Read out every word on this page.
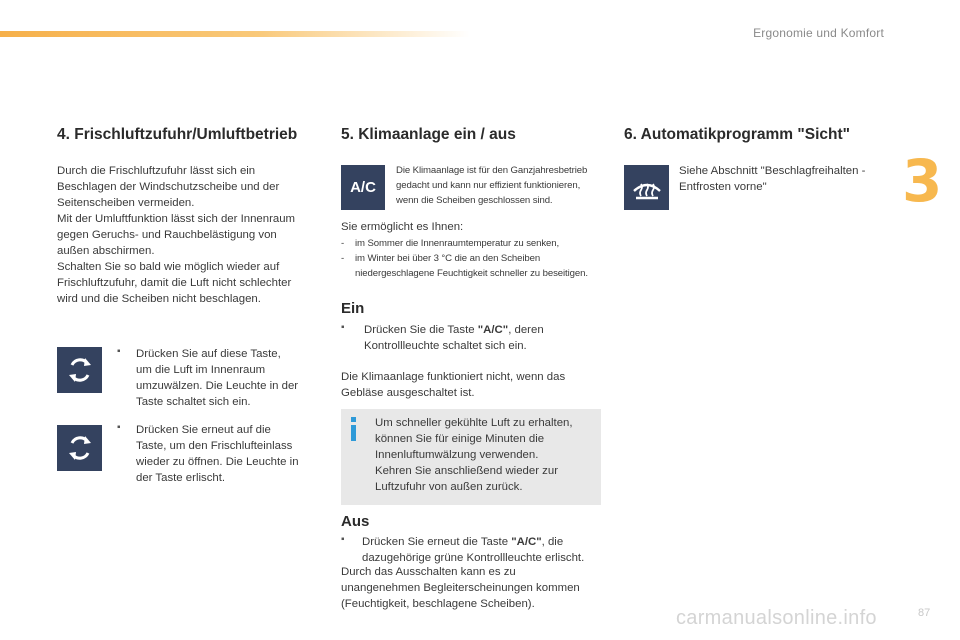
Ergonomie und Komfort
3
4. Frischluftzufuhr/Umluftbetrieb
Durch die Frischluftzufuhr lässt sich ein
Beschlagen der Windschutzscheibe und der
Seitenscheiben vermeiden.
Mit der Umluftfunktion lässt sich der Innenraum
gegen Geruchs- und Rauchbelästigung von
außen abschirmen.
Schalten Sie so bald wie möglich wieder auf
Frischluftzufuhr, damit die Luft nicht schlechter
wird und die Scheiben nicht beschlagen.
▪ Drücken Sie auf diese Taste,
um die Luft im Innenraum
umzuwälzen. Die Leuchte in der
Taste schaltet sich ein.
▪ Drücken Sie erneut auf die
Taste, um den Frischlufteinlass
wieder zu öffnen. Die Leuchte in
der Taste erlischt.
5. Klimaanlage ein / aus
A/C
Die Klimaanlage ist für den Ganzjahresbetrieb
gedacht und kann nur effizient funktionieren,
wenn die Scheiben geschlossen sind.
Sie ermöglicht es Ihnen:
- im Sommer die Innenraumtemperatur zu senken,
- im Winter bei über 3 °C die an den Scheiben
niedergeschlagene Feuchtigkeit schneller zu beseitigen.
Ein
▪ Drücken Sie die Taste "A/C", deren
Kontrollleuchte schaltet sich ein.
Die Klimaanlage funktioniert nicht, wenn das
Gebläse ausgeschaltet ist.
Um schneller gekühlte Luft zu erhalten,
können Sie für einige Minuten die
Innenluftumwälzung verwenden.
Kehren Sie anschließend wieder zur
Luftzufuhr von außen zurück.
Aus
▪ Drücken Sie erneut die Taste "A/C", die
dazugehörige grüne Kontrollleuchte erlischt.
Durch das Ausschalten kann es zu
unangenehmen Begleiterscheinungen kommen
(Feuchtigkeit, beschlagene Scheiben).
6. Automatikprogramm "Sicht"
Siehe Abschnitt "Beschlagfreihalten -
Entfrosten vorne"
carmanualsonline.info	87
